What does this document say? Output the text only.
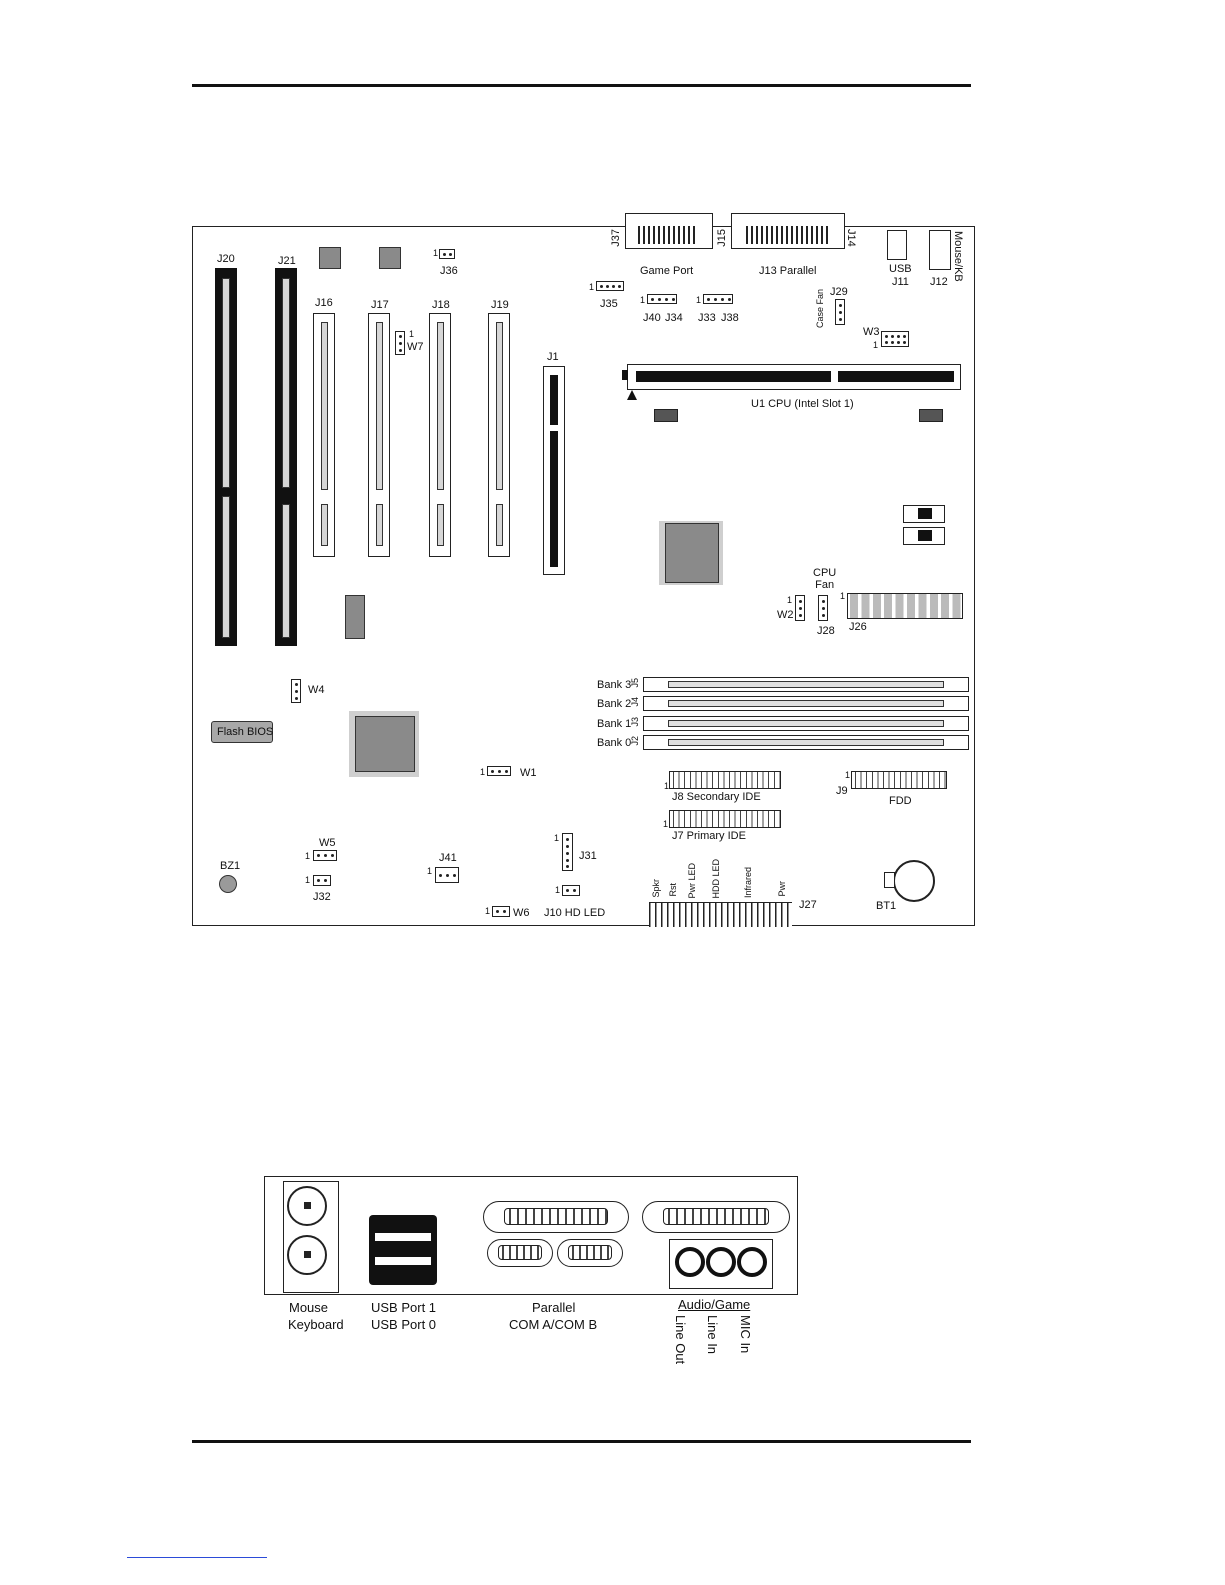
J20	J21
1
J36
J16	J17
1
W7
J18	J19
J1
J37
Game Port
J15
J13 Parallel
J14
USB
J11 J12
Mouse/KB
1
J35 1
J40 J34
1
J33 J38
J29
Case Fan
W3
1
U1 CPU (Intel Slot 1)
CPU
Fan
1
W2
J28
1
J26
W4
Flash BIOS
Bank 3
J5
Bank 2
J4
Bank 1
J3
Bank 0
J2
1	W1
1
J8 Secondary IDE
1
J9
FDD
1
J7 Primary IDE
1
J31
W5
1	J41
1
BZ1
1
J32
1
J10 HD LED
1 W6
Spkr Rst Pwr LED HDD LED Infrared	Pwr
J27	BT1
Mouse
Keyboard
USB Port 1
USB Port 0
Parallel
COM A/COM B
Audio/Game
Line Out Line In MIC In
